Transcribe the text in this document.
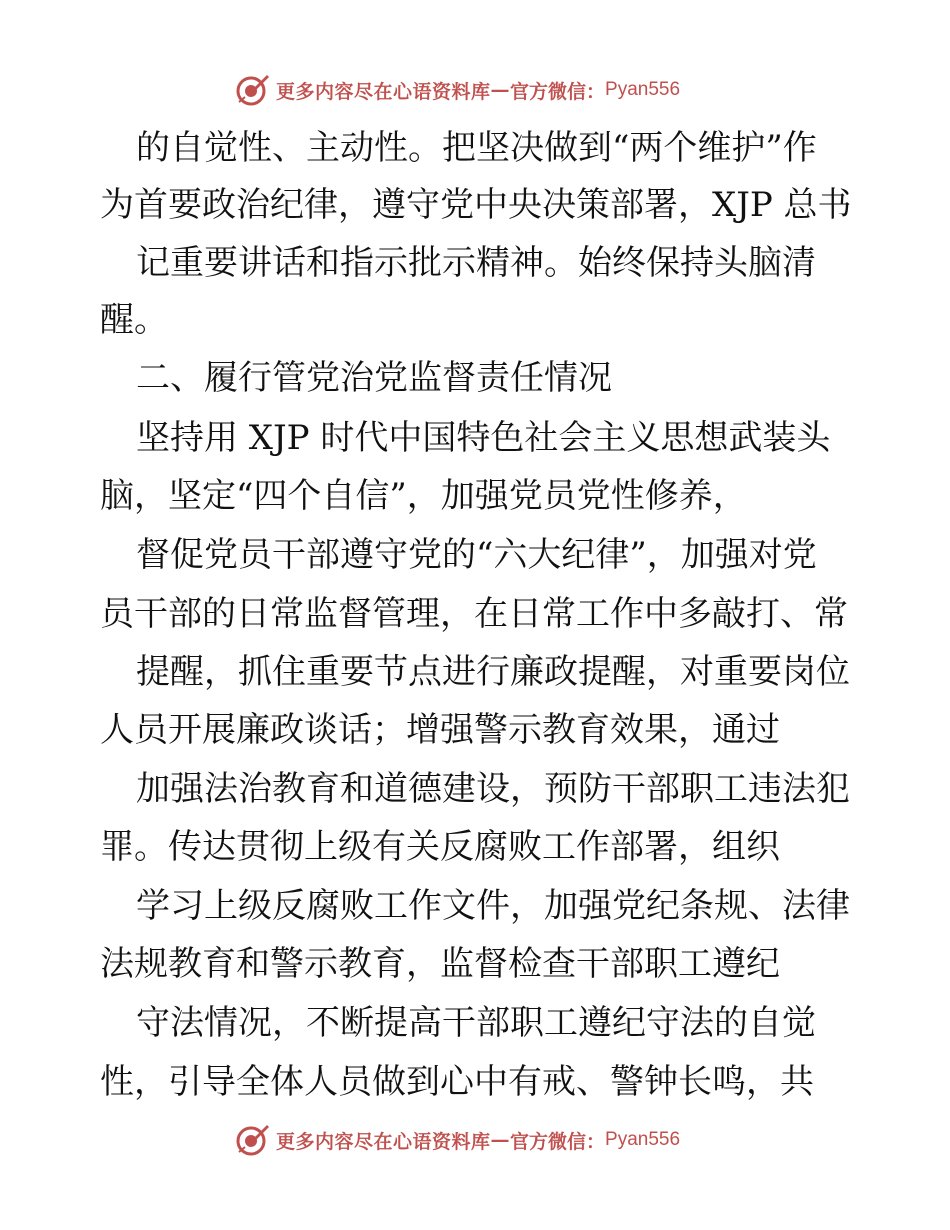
更多内容尽在心语资料库 — 官方微信： Pyan556
的自觉性、主动性。把坚决做到“两个维护”作
为首要政治纪律，遵守党中央决策部署，XJP 总书
记重要讲话和指示批示精神。始终保持头脑清
醒。
二、履行管党治党监督责任情况
坚持用 XJP 时代中国特色社会主义思想武装头
脑，坚定“四个自信”，加强党员党性修养，
督促党员干部遵守党的“六大纪律”，加强对党
员干部的日常监督管理，在日常工作中多敲打、常
提醒，抓住重要节点进行廉政提醒，对重要岗位
人员开展廉政谈话；增强警示教育效果，通过
加强法治教育和道德建设，预防干部职工违法犯
罪。传达贯彻上级有关反腐败工作部署，组织
学习上级反腐败工作文件，加强党纪条规、法律
法规教育和警示教育，监督检查干部职工遵纪
守法情况，不断提高干部职工遵纪守法的自觉
性，引导全体人员做到心中有戒、警钟长鸣，共
更多内容尽在心语资料库 — 官方微信： Pyan556
